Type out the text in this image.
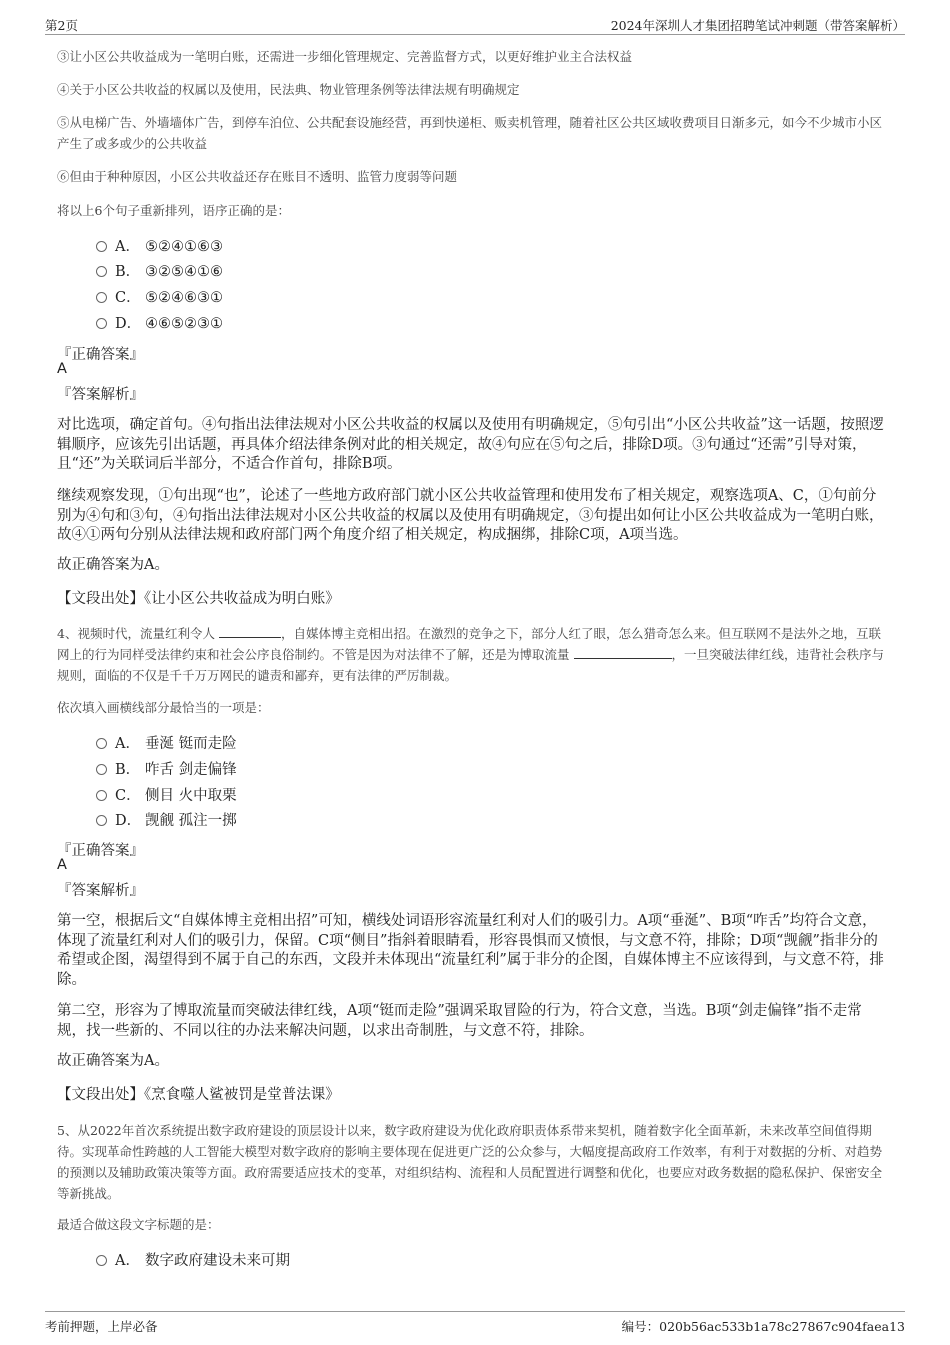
第2页	2024年深圳人才集团招聘笔试冲刺题（带答案解析）

③让小区公共收益成为一笔明白账，还需进一步细化管理规定、完善监督方式，以更好维护业主合法权益

④关于小区公共收益的权属以及使用，民法典、物业管理条例等法律法规有明确规定

⑤从电梯广告、外墙墙体广告，到停车泊位、公共配套设施经营，再到快递柜、贩卖机管理，随着社区公共区域收费项目日渐多元，如今不少城市小区产生了或多或少的公共收益

⑥但由于种种原因，小区公共收益还存在账目不透明、监管力度弱等问题

将以上6个句子重新排列，语序正确的是：

A． ⑤②④①⑥③
B． ③②⑤④①⑥
C． ⑤②④⑥③①
D． ④⑥⑤②③①
『正确答案』
A
『答案解析』

对比选项，确定首句。④句指出法律法规对小区公共收益的权属以及使用有明确规定，⑤句引出“小区公共收益”这一话题，按照逻辑顺序，应该先引出话题，再具体介绍法律条例对此的相关规定，故④句应在⑤句之后，排除D项。③句通过“还需”引导对策，且“还”为关联词后半部分，不适合作首句，排除B项。

继续观察发现，①句出现“也”，论述了一些地方政府部门就小区公共收益管理和使用发布了相关规定，观察选项A、C，①句前分别为④句和③句，④句指出法律法规对小区公共收益的权属以及使用有明确规定，③句提出如何让小区公共收益成为一笔明白账，故④①两句分别从法律法规和政府部门两个角度介绍了相关规定，构成捆绑，排除C项，A项当选。

故正确答案为A。

【文段出处】《让小区公共收益成为明白账》

4、视频时代，流量红利令人	，自媒体博主竞相出招。在激烈的竞争之下，部分人红了眼，怎么猎奇怎么来。但互联网不是法外之地，互联网上的行为同样受法律约束和社会公序良俗制约。不管是因为对法律不了解，还是为博取流量	，一旦突破法律红线，违背社会秩序与规则，面临的不仅是千千万万网民的谴责和鄙弃，更有法律的严厉制裁。

依次填入画横线部分最恰当的一项是：

A． 垂涎 铤而走险
B． 咋舌 剑走偏锋
C． 侧目 火中取栗
D． 觊觎 孤注一掷
『正确答案』
A
『答案解析』

第一空，根据后文“自媒体博主竞相出招”可知，横线处词语形容流量红利对人们的吸引力。A项“垂涎”、B项“咋舌”均符合文意，体现了流量红利对人们的吸引力，保留。C项“侧目”指斜着眼睛看，形容畏惧而又愤恨，与文意不符，排除；D项“觊觎”指非分的希望或企图，渴望得到不属于自己的东西，文段并未体现出“流量红利”属于非分的企图，自媒体博主不应该得到，与文意不符，排除。

第二空，形容为了博取流量而突破法律红线，A项“铤而走险”强调采取冒险的行为，符合文意，当选。B项“剑走偏锋”指不走常规，找一些新的、不同以往的办法来解决问题，以求出奇制胜，与文意不符，排除。

故正确答案为A。

【文段出处】《烹食噬人鲨被罚是堂普法课》

5、从2022年首次系统提出数字政府建设的顶层设计以来，数字政府建设为优化政府职责体系带来契机，随着数字化全面革新，未来改革空间值得期待。实现革命性跨越的人工智能大模型对数字政府的影响主要体现在促进更广泛的公众参与，大幅度提高政府工作效率，有利于对数据的分析、对趋势的预测以及辅助政策决策等方面。政府需要适应技术的变革，对组织结构、流程和人员配置进行调整和优化，也要应对政务数据的隐私保护、保密安全等新挑战。

最适合做这段文字标题的是：

A． 数字政府建设未来可期
考前押题，上岸必备	编号：020b56ac533b1a78c27867c904faea13
